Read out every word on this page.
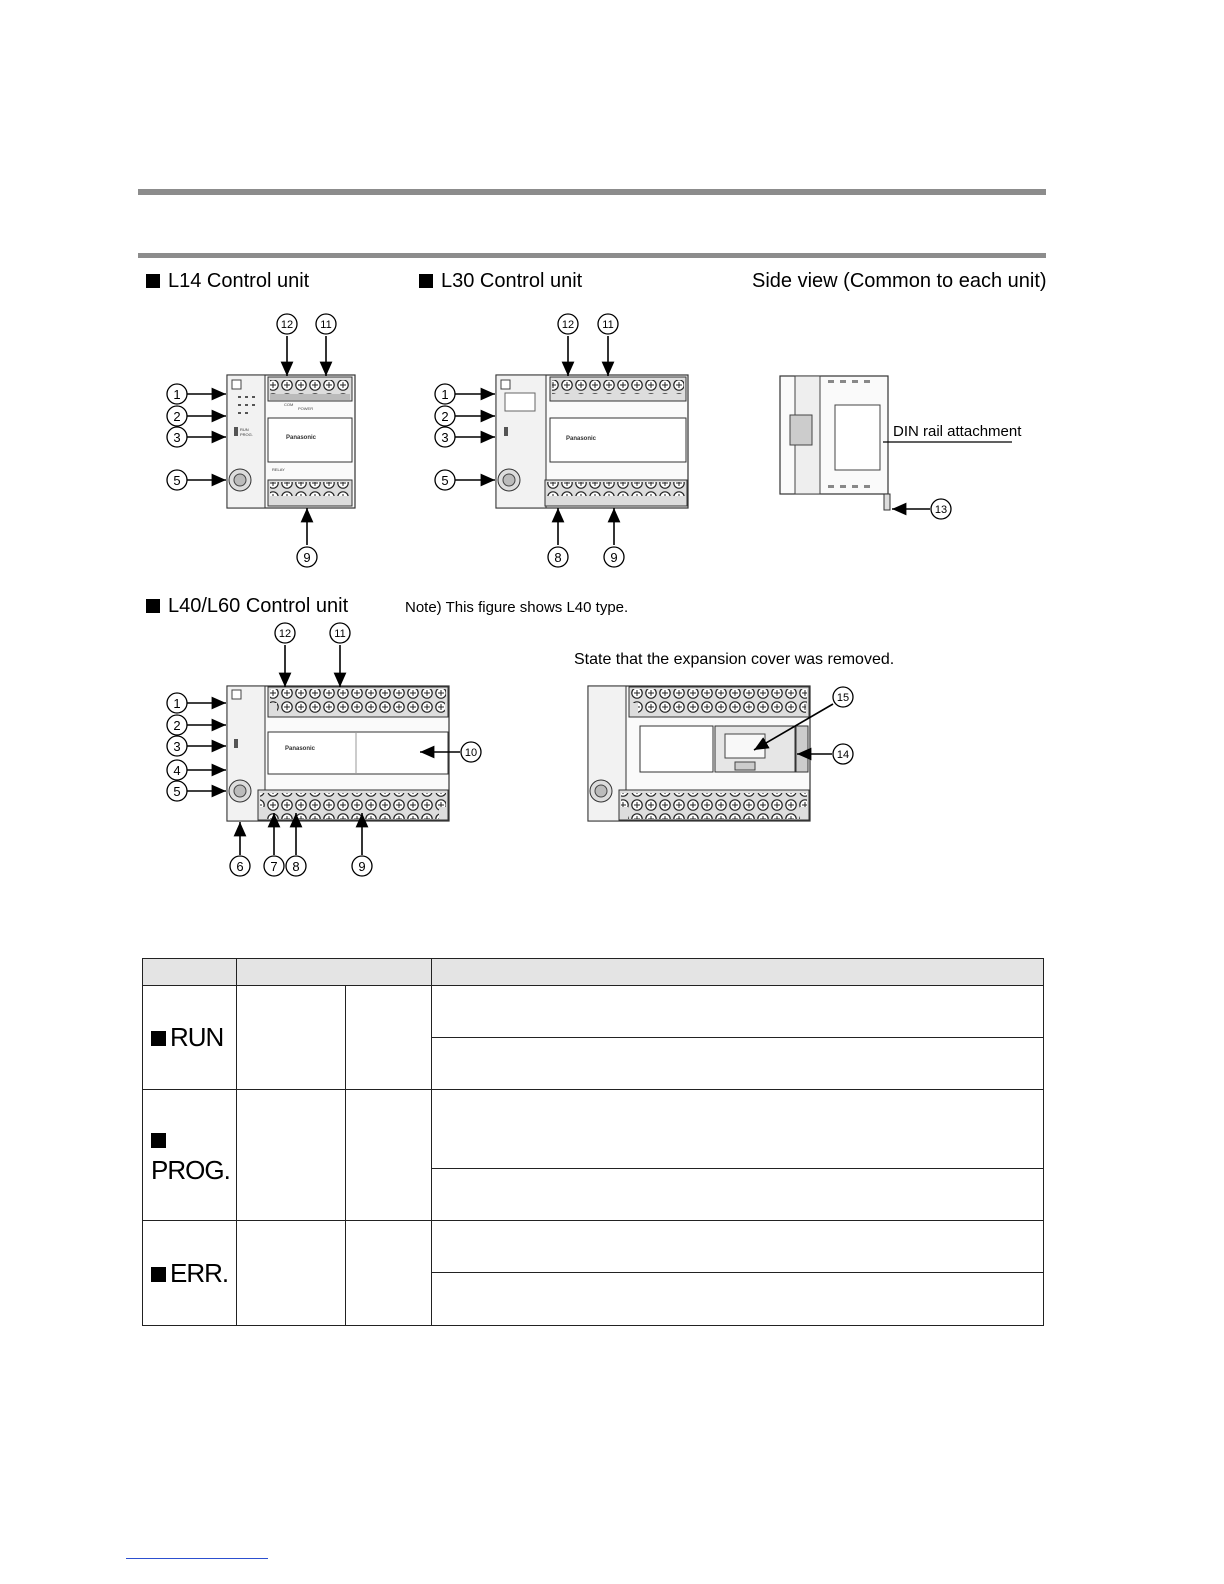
L14 Control unit	L30 Control unit	Side view (Common to each unit)
L40/L60 Control unit	Note) This figure shows L40 type.
State that the expansion cover was removed.
COM
POWER
Panasonic
RELAY
RUN
PROG.
Panasonic	DIN rail attachment
Panasonic
1
2
3
5
12 11
9
1
2
3
5
12	11
8	9
13
1
2
3
4
5
12	11
10
6 7 8	9
15
14

RUN			

PROG.			

ERR.			
